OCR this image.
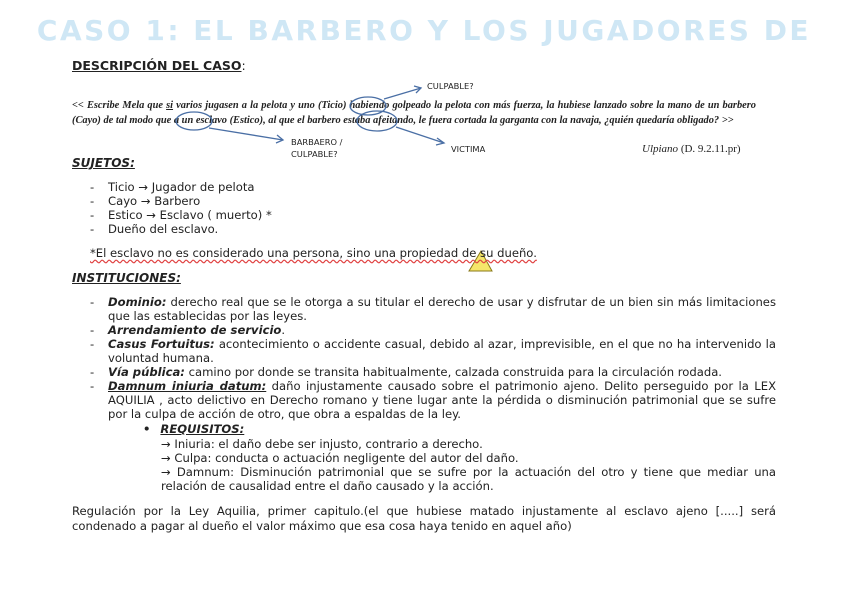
CASO 1: EL BARBERO Y LOS JUGADORES DE
DESCRIPCIÓN DEL CASO:
CULPABLE?
BARBAERO /
CULPABLE?	VICTIMA
<< Escribe Mela que si varios jugasen a la pelota y uno (Ticio) habiendo golpeado la pelota con más fuerza, la hubiese lanzado sobre la mano de un barbero (Cayo) de tal modo que a un esclavo (Estico), al que el barbero estaba afeitando, le fuera cortada la garganta con la navaja, ¿quién quedaría obligado? >>
Ulpiano (D. 9.2.11.pr)
SUJETOS:
- Ticio → Jugador de pelota
- Cayo → Barbero
- Estico → Esclavo ( muerto) *
- Dueño del esclavo.
*El esclavo no es considerado una persona, sino una propiedad de su dueño.
INSTITUCIONES:
- Dominio: derecho real que se le otorga a su titular el derecho de usar y disfrutar de un bien sin más limitaciones que las establecidas por las leyes.
- Arrendamiento de servicio.
- Casus Fortuitus: acontecimiento o accidente casual, debido al azar, imprevisible, en el que no ha intervenido la voluntad humana.
- Vía pública: camino por donde se transita habitualmente, calzada construida para la circulación rodada.
- Damnum iniuria datum: daño injustamente causado sobre el patrimonio ajeno. Delito perseguido por la LEX AQUILIA , acto delictivo en Derecho romano y tiene lugar ante la pérdida o disminución patrimonial que se sufre por la culpa de acción de otro, que obra a espaldas de la ley.
• REQUISITOS:
→ Iniuria: el daño debe ser injusto, contrario a derecho.
→ Culpa: conducta o actuación negligente del autor del daño.
→ Damnum: Disminución patrimonial que se sufre por la actuación del otro y tiene que mediar una relación de causalidad entre el daño causado y la acción.
Regulación por la Ley Aquilia, primer capitulo.(el que hubiese matado injustamente al esclavo ajeno [.....] será condenado a pagar al dueño el valor máximo que esa cosa haya tenido en aquel año)
